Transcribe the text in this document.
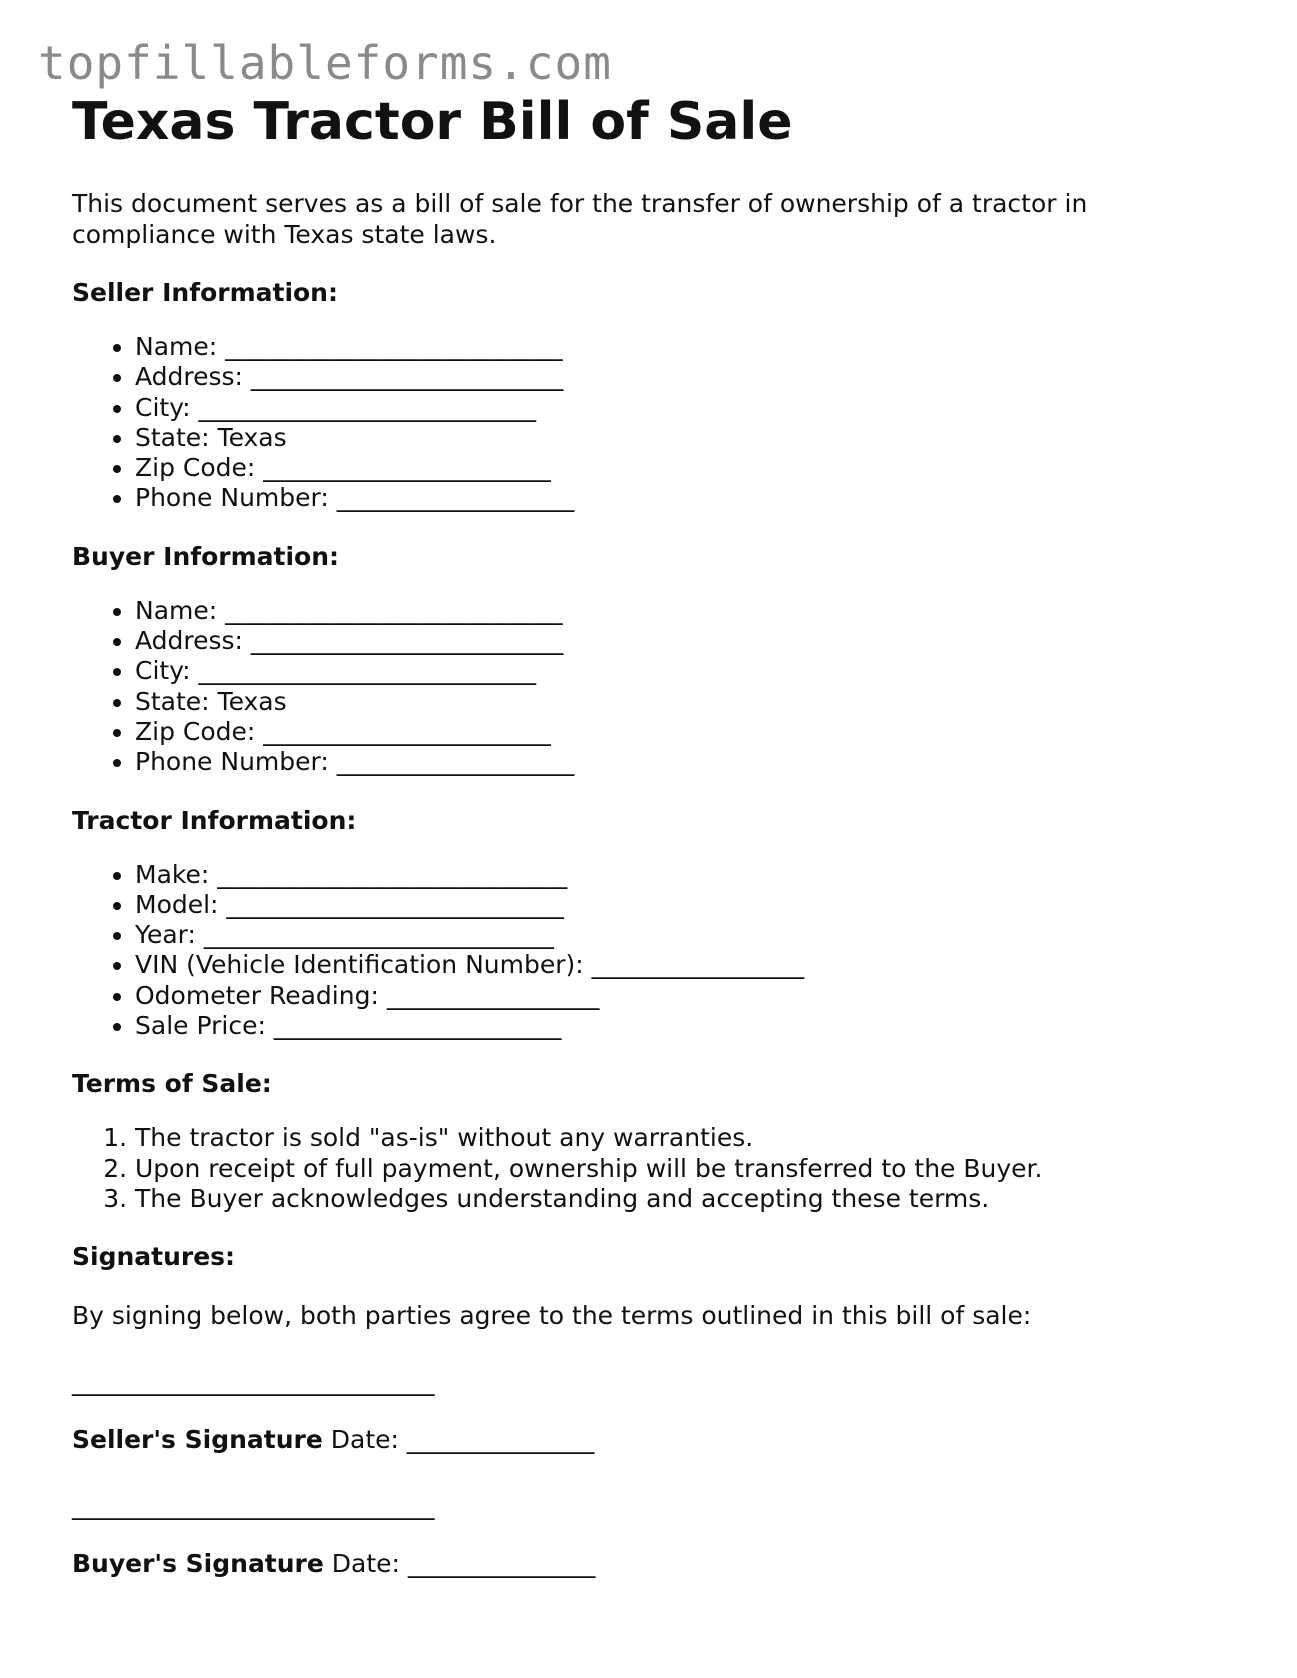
topfillableforms.com
Texas Tractor Bill of Sale

This document serves as a bill of sale for the transfer of ownership of a tractor in compliance with Texas state laws.

Seller Information:
• Name: ___________________________
• Address: _________________________
• City: ___________________________
• State: Texas
• Zip Code: _______________________
• Phone Number: ___________________
Buyer Information:
• Name: ___________________________
• Address: _________________________
• City: ___________________________
• State: Texas
• Zip Code: _______________________
• Phone Number: ___________________
Tractor Information:
• Make: ____________________________
• Model: ___________________________
• Year: ____________________________
• VIN (Vehicle Identification Number): _________________
• Odometer Reading: _________________
• Sale Price: _______________________
Terms of Sale:
1. The tractor is sold "as-is" without any warranties.
2. Upon receipt of full payment, ownership will be transferred to the Buyer.
3. The Buyer acknowledges understanding and accepting these terms.
Signatures:

By signing below, both parties agree to the terms outlined in this bill of sale:

_____________________________
Seller's Signature Date: _______________
_____________________________
Buyer's Signature Date: _______________
